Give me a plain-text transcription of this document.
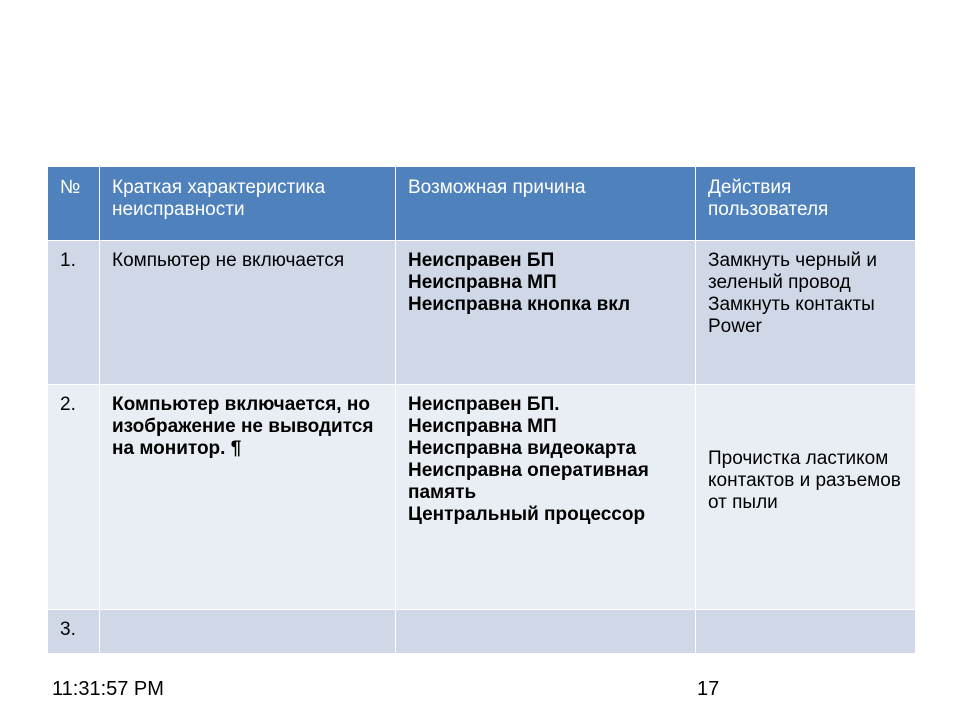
№	Краткая характеристика неисправности	Возможная причина	Действия пользователя
1.	Компьютер не включается	Неисправен БП
Неисправна МП
Неисправна кнопка вкл	Замкнуть черный и зеленый провод
Замкнуть контакты Power

2.	Компьютер включается, но изображение не выводится на монитор. ¶	Неисправен БП.
Неисправна МП
Неисправна видеокарта
Неисправна оперативная память
Центральный процессор	Прочистка ластиком контактов и разъемов от пыли

3.			
11:31:57 PM	17
